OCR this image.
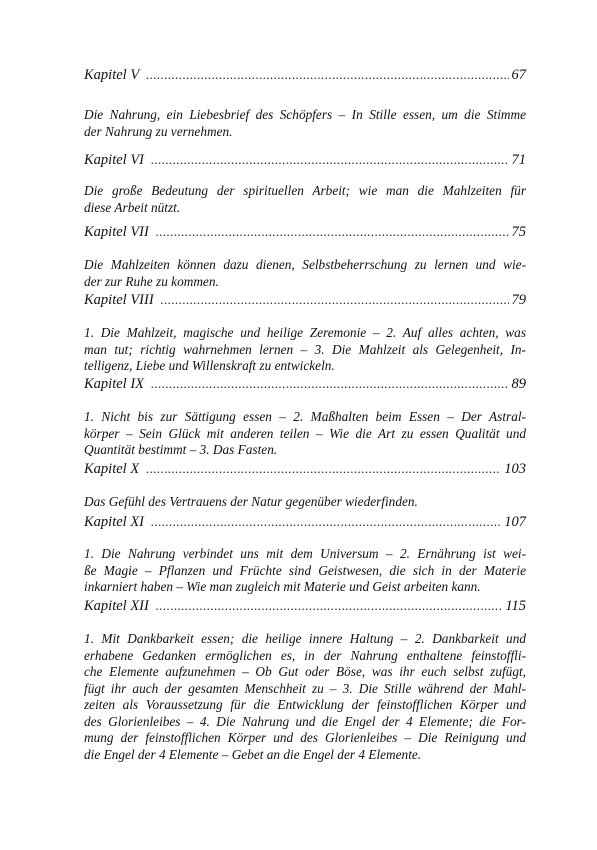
Kapitel V . . .	67
Die Nahrung, ein Liebesbrief des Schöpfers – In Stille essen, um die Stimme
der Nahrung zu vernehmen.
Kapitel VI . . .	71
Die große Bedeutung der spirituellen Arbeit; wie man die Mahlzeiten für
diese Arbeit nützt.
Kapitel VII . . .	75
Die Mahlzeiten können dazu dienen, Selbstbeherrschung zu lernen und wie-
der zur Ruhe zu kommen.
Kapitel VIII . . .	79
1. Die Mahlzeit, magische und heilige Zeremonie – 2. Auf alles achten, was
man tut; richtig wahrnehmen lernen – 3. Die Mahlzeit als Gelegenheit, In-
telligenz, Liebe und Willenskraft zu entwickeln.
Kapitel IX . . .	89
1. Nicht bis zur Sättigung essen – 2. Maßhalten beim Essen – Der Astral-
körper – Sein Glück mit anderen teilen – Wie die Art zu essen Qualität und
Quantität bestimmt – 3. Das Fasten.
Kapitel X . . .	103
Das Gefühl des Vertrauens der Natur gegenüber wiederfinden.
Kapitel XI . . .	107
1. Die Nahrung verbindet uns mit dem Universum – 2. Ernährung ist wei-
ße Magie – Pflanzen und Früchte sind Geistwesen, die sich in der Materie
inkarniert haben – Wie man zugleich mit Materie und Geist arbeiten kann.
Kapitel XII . . .	115
1. Mit Dankbarkeit essen; die heilige innere Haltung – 2. Dankbarkeit und
erhabene Gedanken ermöglichen es, in der Nahrung enthaltene feinstoffli-
che Elemente aufzunehmen – Ob Gut oder Böse, was ihr euch selbst zufügt,
fügt ihr auch der gesamten Menschheit zu – 3. Die Stille während der Mahl-
zeiten als Voraussetzung für die Entwicklung der feinstofflichen Körper und
des Glorienleibes – 4. Die Nahrung und die Engel der 4 Elemente; die For-
mung der feinstofflichen Körper und des Glorienleibes – Die Reinigung und
die Engel der 4 Elemente – Gebet an die Engel der 4 Elemente.
